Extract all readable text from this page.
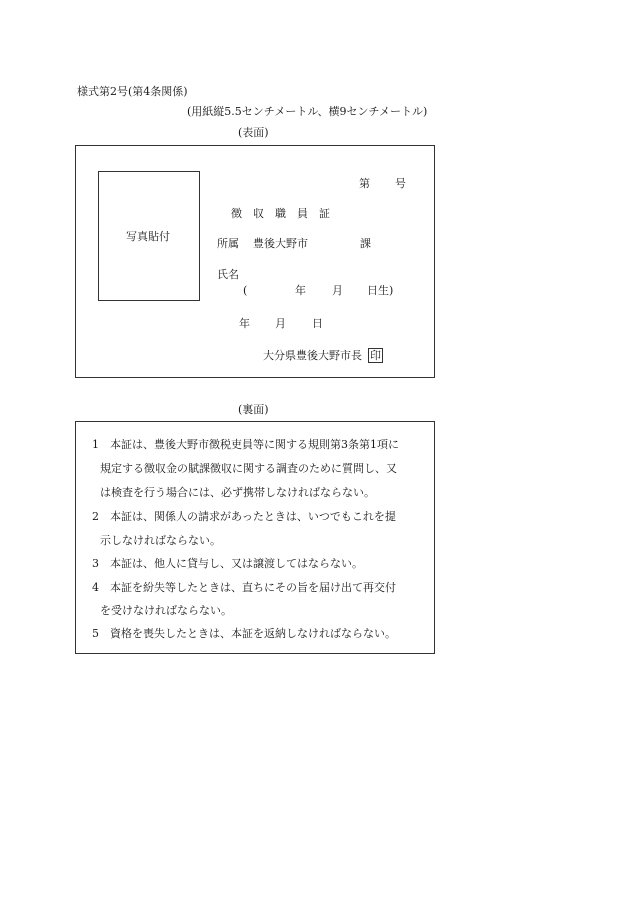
様式第2号(第4条関係)
(用紙縦5.5センチメートル、横9センチメートル)
(表面)
写真貼付
第 号
徴　収　職　員　証
所属 豊後大野市	課
氏名
(	年 月 日生)
年 月 日
大分県豊後大野市長 印
(裏面)
1　 本証は、豊後大野市徴税吏員等に関する規則第3条第1項に
規定する徴収金の賦課徴収に関する調査のために質問し、又
は検査を行う場合には、必ず携帯しなければならない。
2　 本証は、関係人の請求があったときは、いつでもこれを提
示しなければならない。
3　 本証は、他人に貸与し、又は譲渡してはならない。
4　 本証を紛失等したときは、直ちにその旨を届け出て再交付
を受けなければならない。
5　 資格を喪失したときは、本証を返納しなければならない。
